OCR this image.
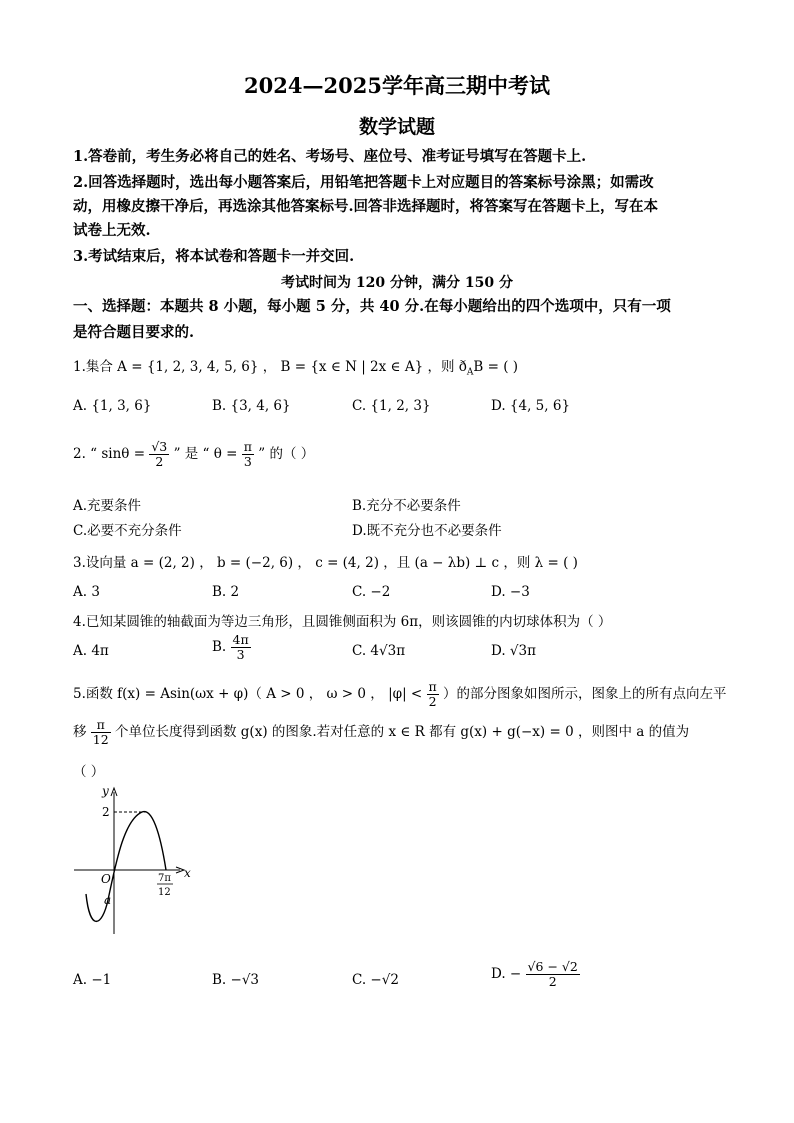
2024—2025学年高三期中考试
数学试题
1.答卷前，考生务必将自己的姓名、考场号、座位号、准考证号填写在答题卡上.
2.回答选择题时，选出每小题答案后，用铅笔把答题卡上对应题目的答案标号涂黑；如需改
动，用橡皮擦干净后，再选涂其他答案标号.回答非选择题时，将答案写在答题卡上，写在本
试卷上无效.
3.考试结束后，将本试卷和答题卡一并交回.
考试时间为 120 分钟，满分 150 分
一、选择题：本题共 8 小题，每小题 5 分，共 40 分.在每小题给出的四个选项中，只有一项
是符合题目要求的.
1.集合 A = {1, 2, 3, 4, 5, 6} ， B = {x ∈ N | 2x ∈ A} ，则 $ð_AB$ = ( )
A. {1, 3, 6}	B. {3, 4, 6}	C. {1, 2, 3}	D. {4, 5, 6}
2. “ $\sin\theta = \frac{√3}{2}$ ” 是 “ $\theta = \frac{\pi}{3}$ ” 的（ ）
A.充要条件	B.充分不必要条件
C.必要不充分条件	D.既不充分也不必要条件
3.设向量 a = (2, 2) ， b = (−2, 6) ， c = (4, 2) ，且 (a − λb) ⊥ c ，则 λ = ( )
A. 3	B. 2	C. −2	D. −3
4.已知某圆锥的轴截面为等边三角形，且圆锥侧面积为 6π，则该圆锥的内切球体积为（ ）
A. 4π	B. $\frac{4\pi}{3}$	C. 4√3π	D. √3π
5.函数 f(x) = Asin(ωx + φ)（ A > 0 ， ω > 0 ， $|\varphi| < \frac{\pi}{2}$ ）的部分图象如图所示，图象上的所有点向左平
移 $\frac{\pi}{12}$ 个单位长度得到函数 g(x) 的图象.若对任意的 x ∈ R 都有 g(x) + g(−x) = 0 ，则图中 a 的值为
（ ）
y
x
O
2
a
7π
12
A. −1	B. −√3	C. −√2	D. − $\frac{√6 - √2}{2}$
